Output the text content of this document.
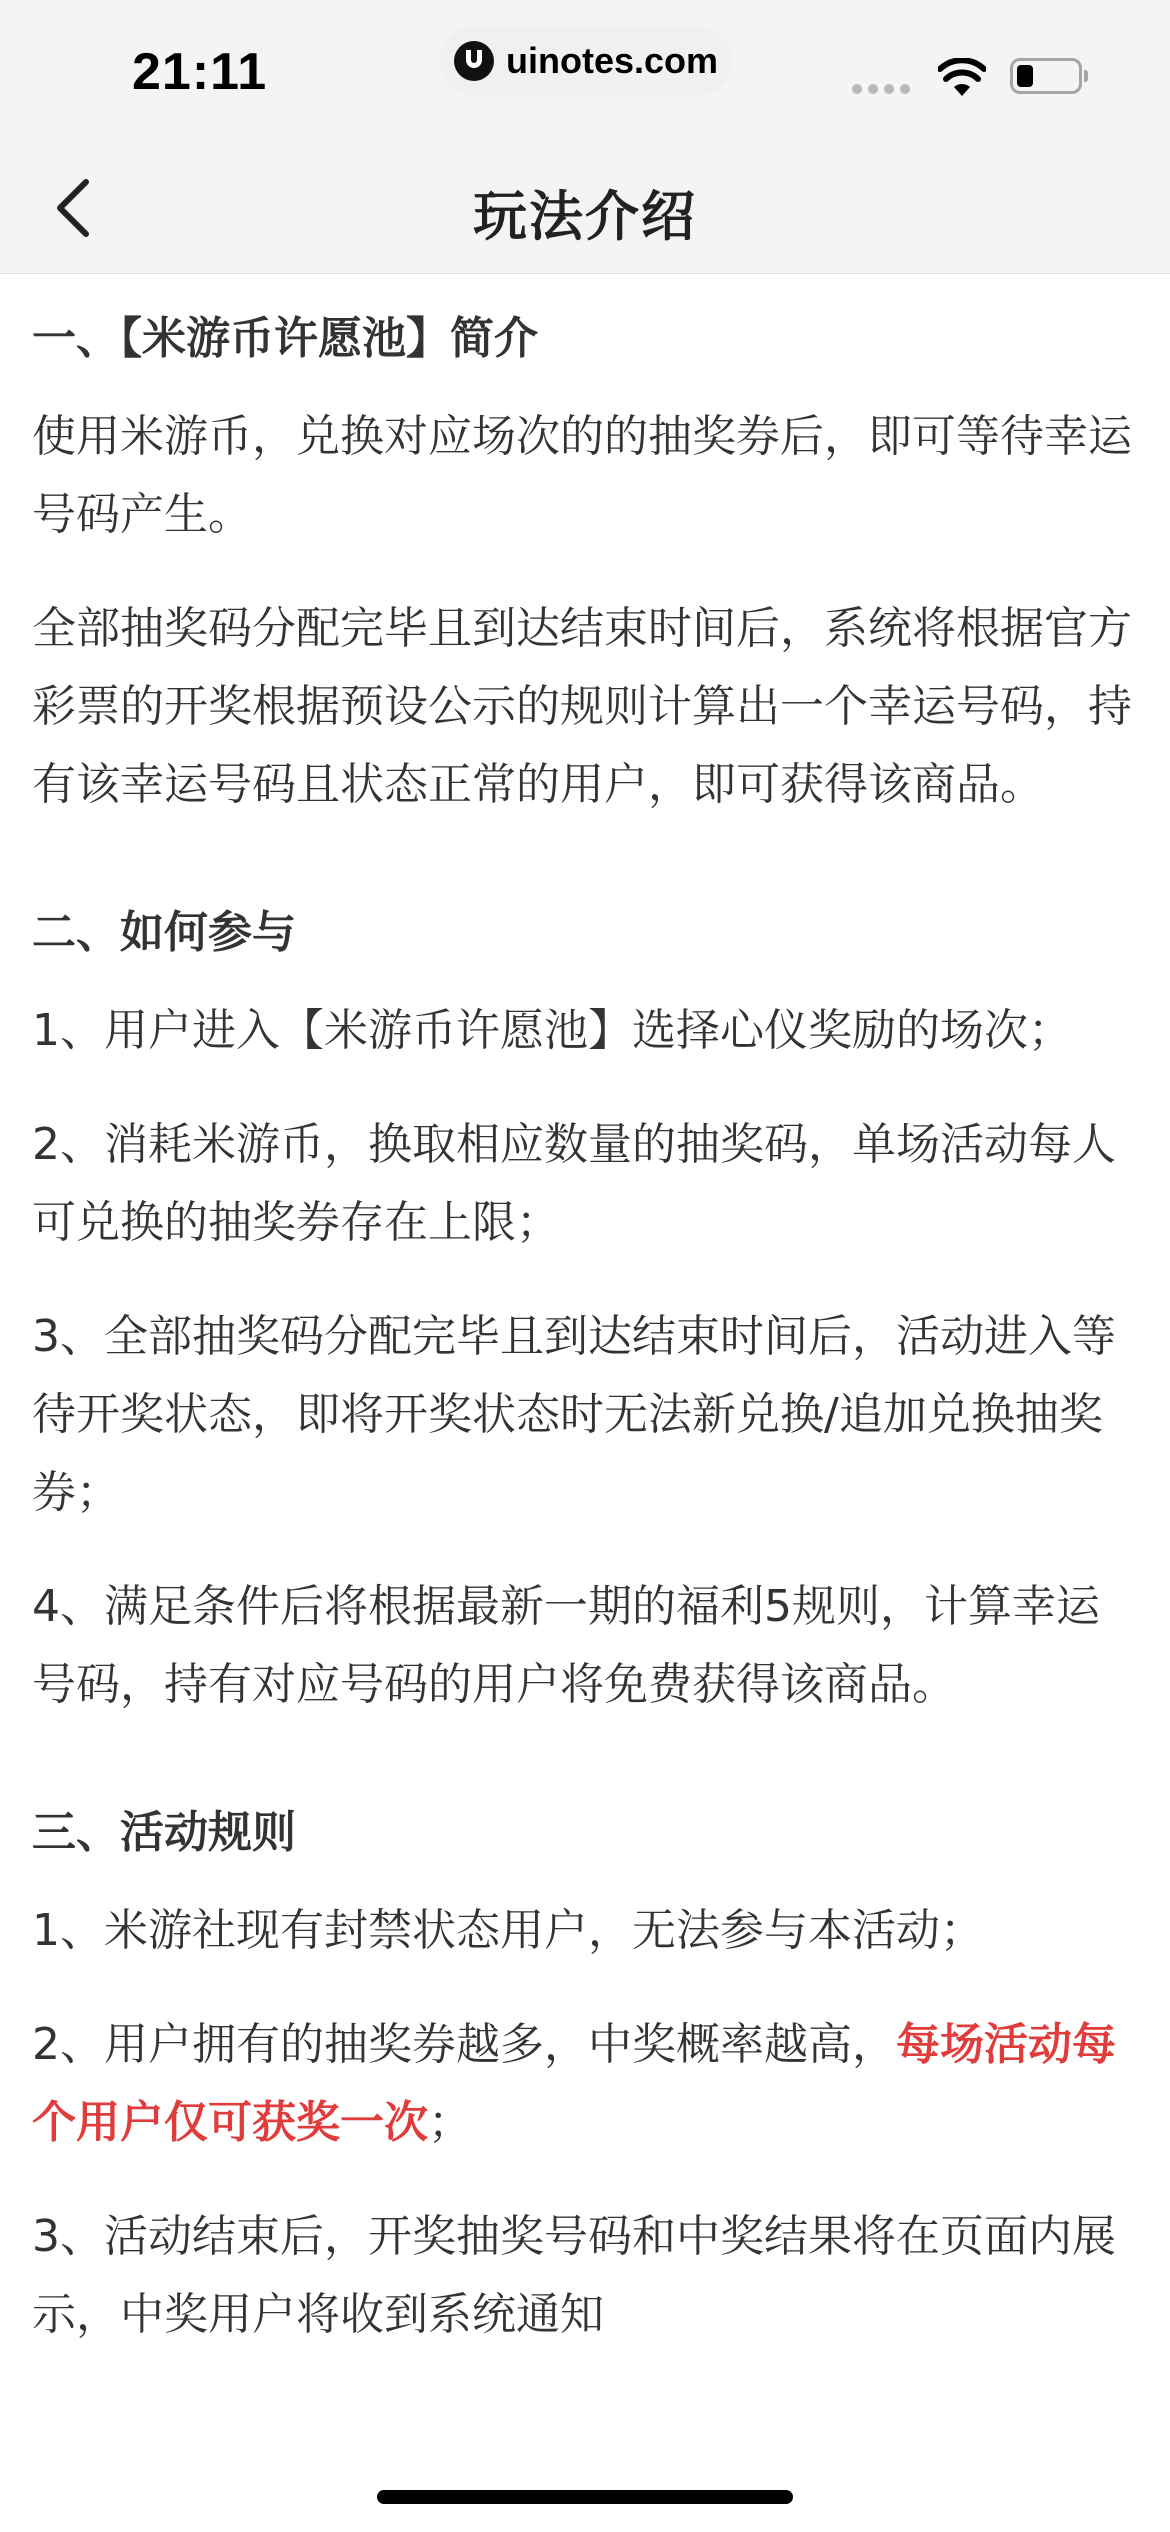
21:11	uinotes.com
玩法介绍
一、【米游币许愿池】简介

使用米游币，兑换对应场次的的抽奖券后，即可等待幸运号码产生。

全部抽奖码分配完毕且到达结束时间后，系统将根据官方彩票的开奖根据预设公示的规则计算出一个幸运号码，持有该幸运号码且状态正常的用户，即可获得该商品。

二、如何参与

1、用户进入【米游币许愿池】选择心仪奖励的场次；

2、消耗米游币，换取相应数量的抽奖码，单场活动每人可兑换的抽奖券存在上限；

3、全部抽奖码分配完毕且到达结束时间后，活动进入等待开奖状态，即将开奖状态时无法新兑换/追加兑换抽奖券；

4、满足条件后将根据最新一期的福利5规则，计算幸运号码，持有对应号码的用户将免费获得该商品。

三、活动规则

1、米游社现有封禁状态用户，无法参与本活动；

2、用户拥有的抽奖券越多，中奖概率越高，每场活动每个用户仅可获奖一次；

3、活动结束后，开奖抽奖号码和中奖结果将在页面内展示，中奖用户将收到系统通知
